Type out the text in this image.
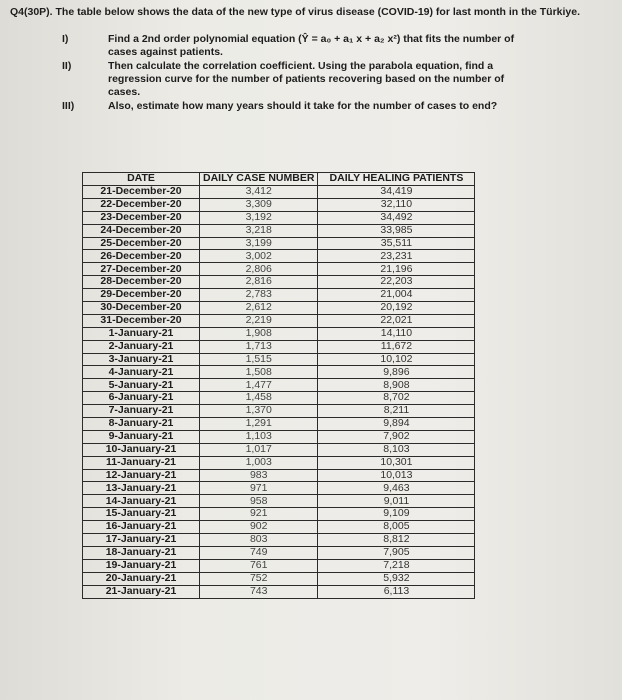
Q4(30P). The table below shows the data of the new type of virus disease (COVID-19) for last month in the Türkiye.
I)	Find a 2nd order polynomial equation (Ŷ = a₀ + a₁ x + a₂ x²) that fits the number of cases against patients.
II)	Then calculate the correlation coefficient. Using the parabola equation, find a regression curve for the number of patients recovering based on the number of cases.
III)	Also, estimate how many years should it take for the number of cases to end?
DATE	DAILY CASE NUMBER	DAILY HEALING PATIENTS
21-December-20	3,412	34,419
22-December-20	3,309	32,110
23-December-20	3,192	34,492
24-December-20	3,218	33,985
25-December-20	3,199	35,511
26-December-20	3,002	23,231
27-December-20	2,806	21,196
28-December-20	2,816	22,203
29-December-20	2,783	21,004
30-December-20	2,612	20,192
31-December-20	2,219	22,021
1-January-21	1,908	14,110
2-January-21	1,713	11,672
3-January-21	1,515	10,102
4-January-21	1,508	9,896
5-January-21	1,477	8,908
6-January-21	1,458	8,702
7-January-21	1,370	8,211
8-January-21	1,291	9,894
9-January-21	1,103	7,902
10-January-21	1,017	8,103
11-January-21	1,003	10,301
12-January-21	983	10,013
13-January-21	971	9,463
14-January-21	958	9,011
15-January-21	921	9,109
16-January-21	902	8,005
17-January-21	803	8,812
18-January-21	749	7,905
19-January-21	761	7,218
20-January-21	752	5,932
21-January-21	743	6,113
